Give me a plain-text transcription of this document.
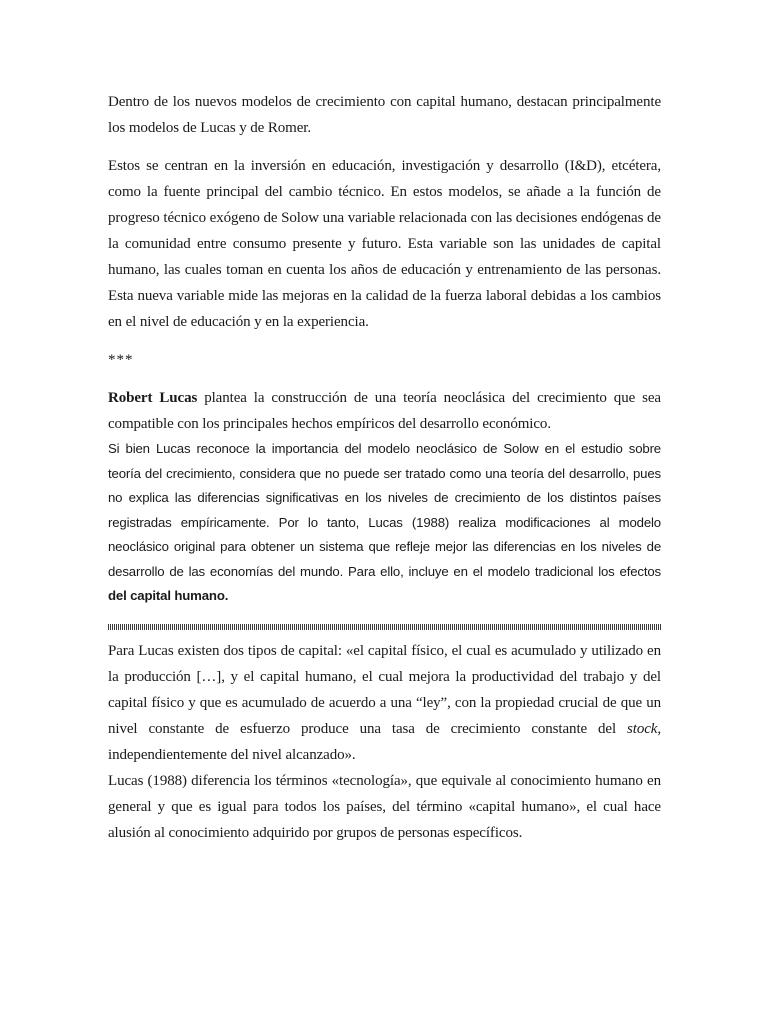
Dentro de los nuevos modelos de crecimiento con capital humano, destacan principalmente los modelos de Lucas y de Romer.

Estos se centran en la inversión en educación, investigación y desarrollo (I&D), etcétera, como la fuente principal del cambio técnico. En estos modelos, se añade a la función de progreso técnico exógeno de Solow una variable relacionada con las decisiones endógenas de la comunidad entre consumo presente y futuro. Esta variable son las unidades de capital humano, las cuales toman en cuenta los años de educación y entrenamiento de las personas. Esta nueva variable mide las mejoras en la calidad de la fuerza laboral debidas a los cambios en el nivel de educación y en la experiencia.

***

Robert Lucas plantea la construcción de una teoría neoclásica del crecimiento que sea compatible con los principales hechos empíricos del desarrollo económico.

Si bien Lucas reconoce la importancia del modelo neoclásico de Solow en el estudio sobre teoría del crecimiento, considera que no puede ser tratado como una teoría del desarrollo, pues no explica las diferencias significativas en los niveles de crecimiento de los distintos países registradas empíricamente. Por lo tanto, Lucas (1988) realiza modificaciones al modelo neoclásico original para obtener un sistema que refleje mejor las diferencias en los niveles de desarrollo de las economías del mundo. Para ello, incluye en el modelo tradicional los efectos del capital humano.

Para Lucas existen dos tipos de capital: «el capital físico, el cual es acumulado y utilizado en la producción […], y el capital humano, el cual mejora la productividad del trabajo y del capital físico y que es acumulado de acuerdo a una “ley”, con la propiedad crucial de que un nivel constante de esfuerzo produce una tasa de crecimiento constante del stock, independientemente del nivel alcanzado».

Lucas (1988) diferencia los términos «tecnología», que equivale al conocimiento humano en general y que es igual para todos los países, del término «capital humano», el cual hace alusión al conocimiento adquirido por grupos de personas específicos.
